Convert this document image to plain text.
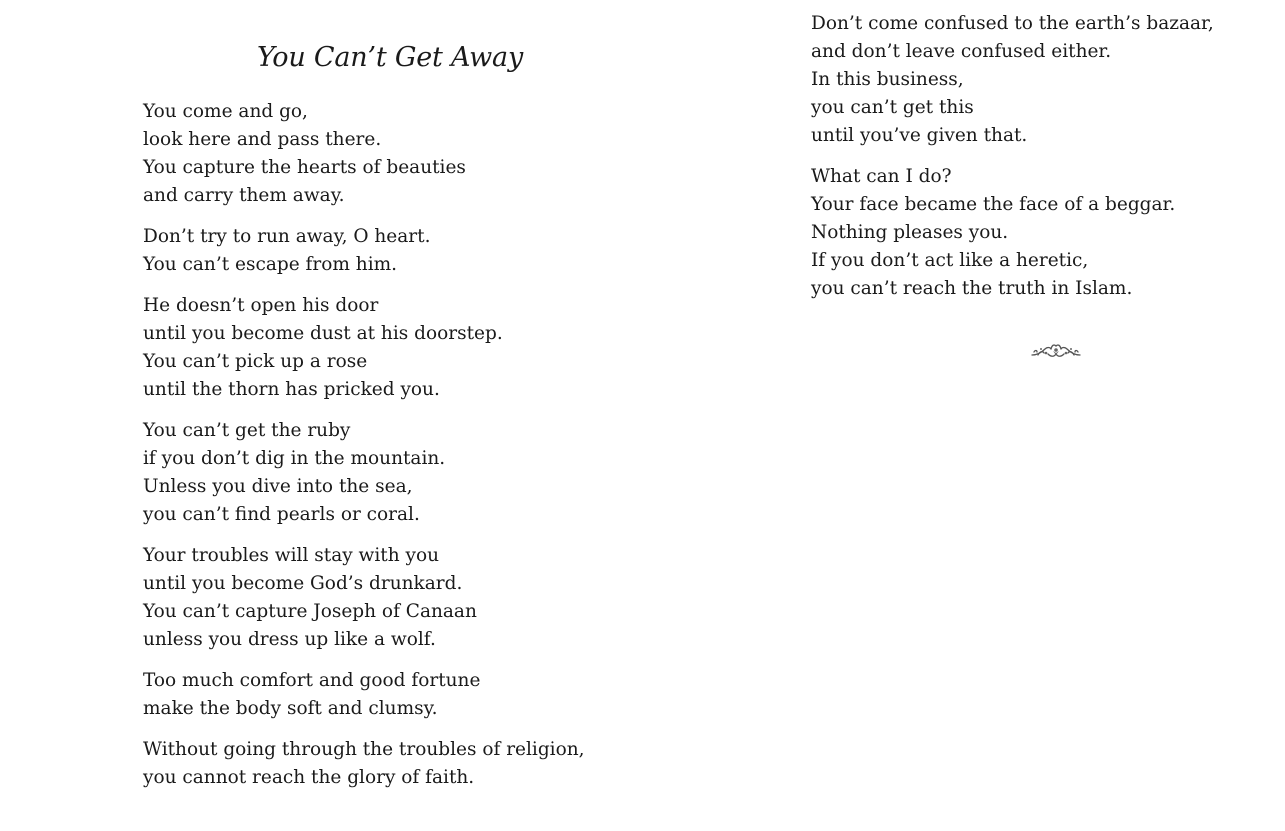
You Can’t Get Away
You come and go,
look here and pass there.
You capture the hearts of beauties
and carry them away.
Don’t try to run away, O heart.
You can’t escape from him.
He doesn’t open his door
until you become dust at his doorstep.
You can’t pick up a rose
until the thorn has pricked you.
You can’t get the ruby
if you don’t dig in the mountain.
Unless you dive into the sea,
you can’t find pearls or coral.
Your troubles will stay with you
until you become God’s drunkard.
You can’t capture Joseph of Canaan
unless you dress up like a wolf.
Too much comfort and good fortune
make the body soft and clumsy.
Without going through the troubles of religion,
you cannot reach the glory of faith.
Don’t come confused to the earth’s bazaar,
and don’t leave confused either.
In this business,
you can’t get this
until you’ve given that.
What can I do?
Your face became the face of a beggar.
Nothing pleases you.
If you don’t act like a heretic,
you can’t reach the truth in Islam.
